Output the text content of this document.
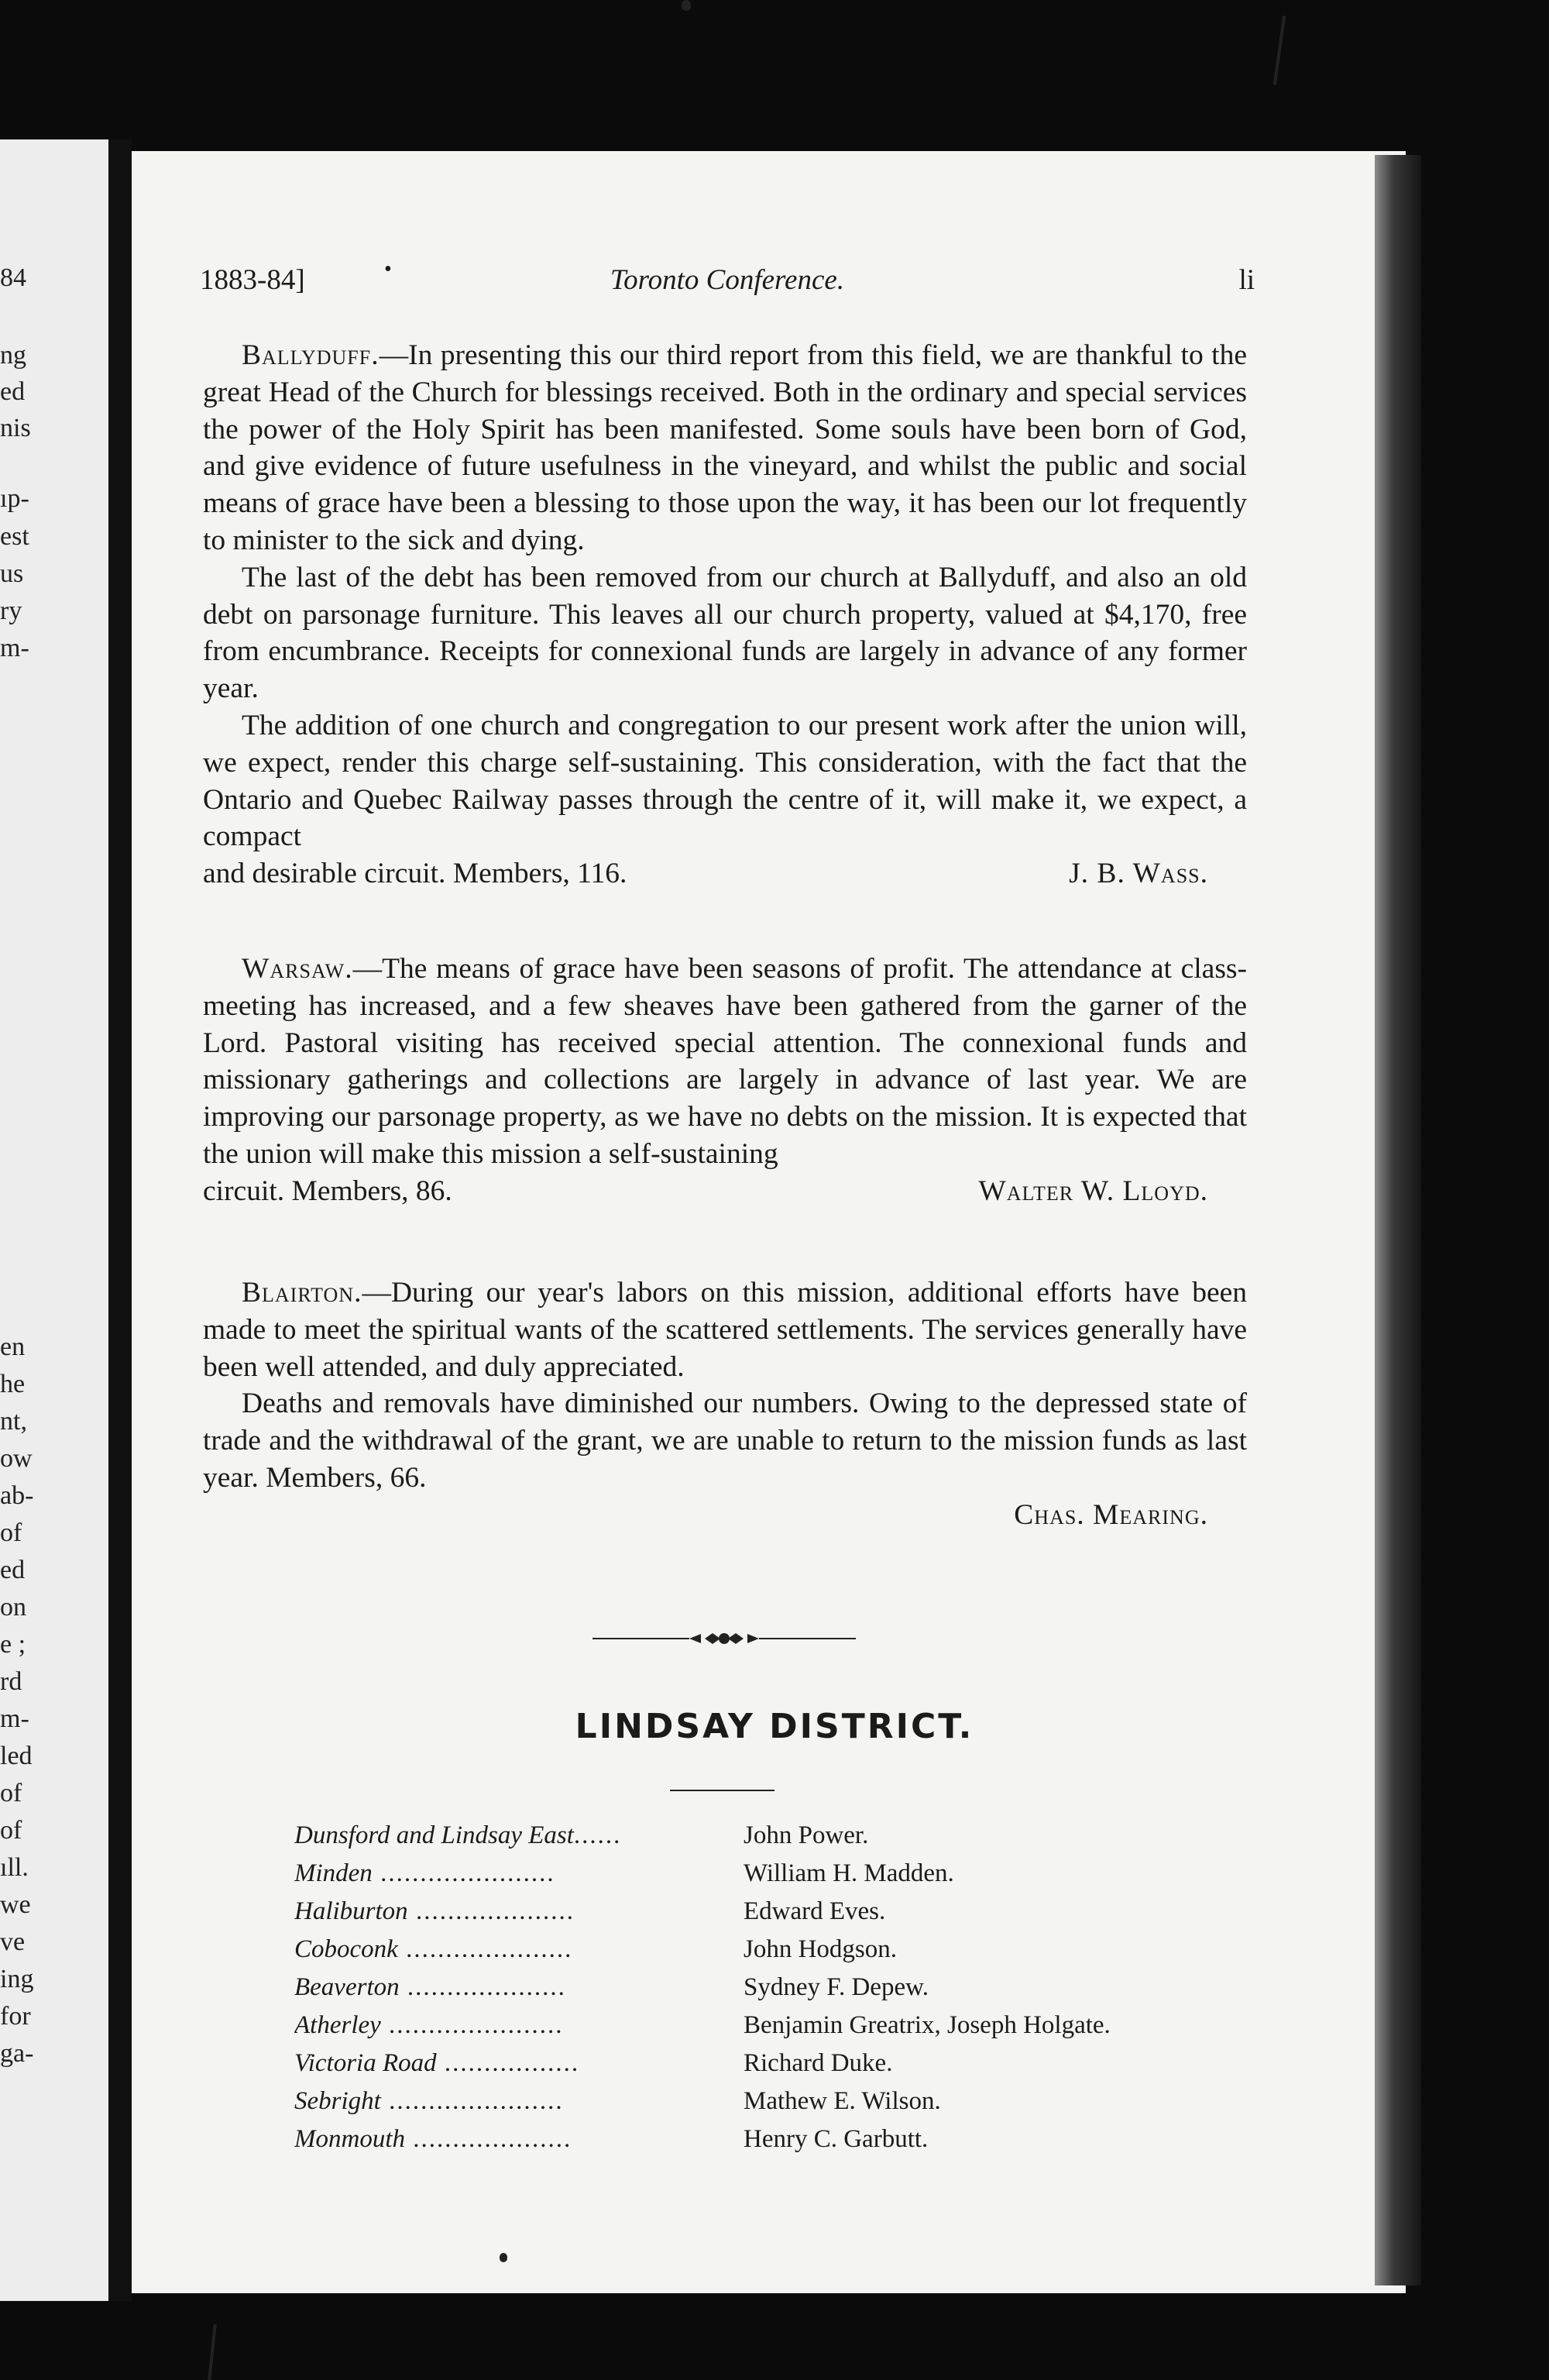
84
ng
ed
nis
ıp-
est
us
ry
m-
en
he
nt,
ow
ab-
of
ed
on
e ;
rd
m-
led
of
of
ıll.
we
ve
ing
for
ga-
1883-84]	•	Toronto Conference.	li

Ballyduff.—In presenting this our third report from this field, we are thankful to the great Head of the Church for blessings received. Both in the ordinary and special services the power of the Holy Spirit has been manifested. Some souls have been born of God, and give evidence of future usefulness in the vineyard, and whilst the public and social means of grace have been a blessing to those upon the way, it has been our lot frequently to minister to the sick and dying.

The last of the debt has been removed from our church at Ballyduff, and also an old debt on parsonage furniture. This leaves all our church property, valued at $4,170, free from encumbrance. Receipts for connexional funds are largely in advance of any former year.

The addition of one church and congregation to our present work after the union will, we expect, render this charge self-sustaining. This consideration, with the fact that the Ontario and Quebec Railway passes through the centre of it, will make it, we expect, a compact

and desirable circuit. Members, 116.	J. B. Wass.

Warsaw.—The means of grace have been seasons of profit. The attendance at class-meeting has increased, and a few sheaves have been gathered from the garner of the Lord. Pastoral visiting has received special attention. The connexional funds and missionary gatherings and collections are largely in advance of last year. We are improving our parsonage property, as we have no debts on the mission. It is expected that the union will make this mission a self-sustaining

circuit. Members, 86.	Walter W. Lloyd.

Blairton.—During our year's labors on this mission, additional efforts have been made to meet the spiritual wants of the scattered settlements. The services generally have been well attended, and duly appreciated.

Deaths and removals have diminished our numbers. Owing to the depressed state of trade and the withdrawal of the grant, we are unable to return to the mission funds as last year. Members, 66.

Chas. Mearing.
LINDSAY DISTRICT.
Dunsford and Lindsay East......	John Power.
Minden ......................	William H. Madden.
Haliburton ....................	Edward Eves.
Coboconk .....................	John Hodgson.
Beaverton ....................	Sydney F. Depew.
Atherley ......................	Benjamin Greatrix, Joseph Holgate.
Victoria Road .................	Richard Duke.
Sebright ......................	Mathew E. Wilson.
Monmouth ....................	Henry C. Garbutt.
